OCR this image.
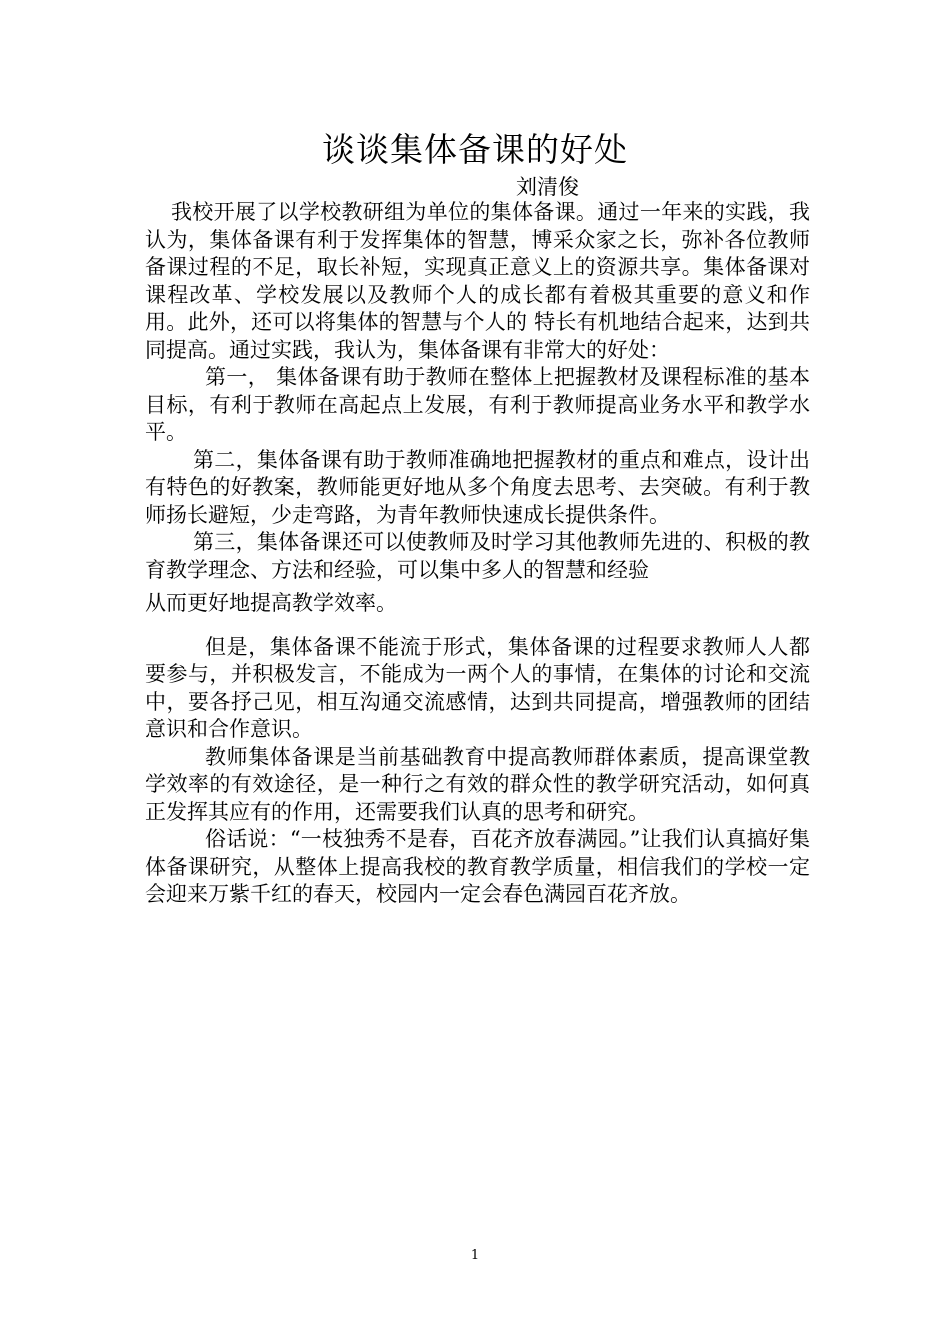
谈谈集体备课的好处
刘清俊

我校开展了以学校教研组为单位的集体备课。通过一年来的实践，我认为，集体备课有利于发挥集体的智慧，博采众家之长，弥补各位教师备课过程的不足，取长补短，实现真正意义上的资源共享。集体备课对课程改革、学校发展以及教师个人的成长都有着极其重要的意义和作用。此外，还可以将集体的智慧与个人的 特长有机地结合起来，达到共同提高。通过实践，我认为，集体备课有非常大的好处：

第一， 集体备课有助于教师在整体上把握教材及课程标准的基本目标，有利于教师在高起点上发展，有利于教师提高业务水平和教学水平。

第二，集体备课有助于教师准确地把握教材的重点和难点，设计出有特色的好教案，教师能更好地从多个角度去思考、去突破。有利于教师扬长避短，少走弯路，为青年教师快速成长提供条件。

第三，集体备课还可以使教师及时学习其他教师先进的、积极的教育教学理念、方法和经验，可以集中多人的智慧和经验

从而更好地提高教学效率。

但是，集体备课不能流于形式，集体备课的过程要求教师人人都要参与，并积极发言，不能成为一两个人的事情，在集体的讨论和交流中，要各抒己见，相互沟通交流感情，达到共同提高，增强教师的团结意识和合作意识。

教师集体备课是当前基础教育中提高教师群体素质，提高课堂教学效率的有效途径，是一种行之有效的群众性的教学研究活动，如何真正发挥其应有的作用，还需要我们认真的思考和研究。

俗话说：“一枝独秀不是春，百花齐放春满园。”让我们认真搞好集体备课研究，从整体上提高我校的教育教学质量，相信我们的学校一定会迎来万紫千红的春天，校园内一定会春色满园百花齐放。

1
